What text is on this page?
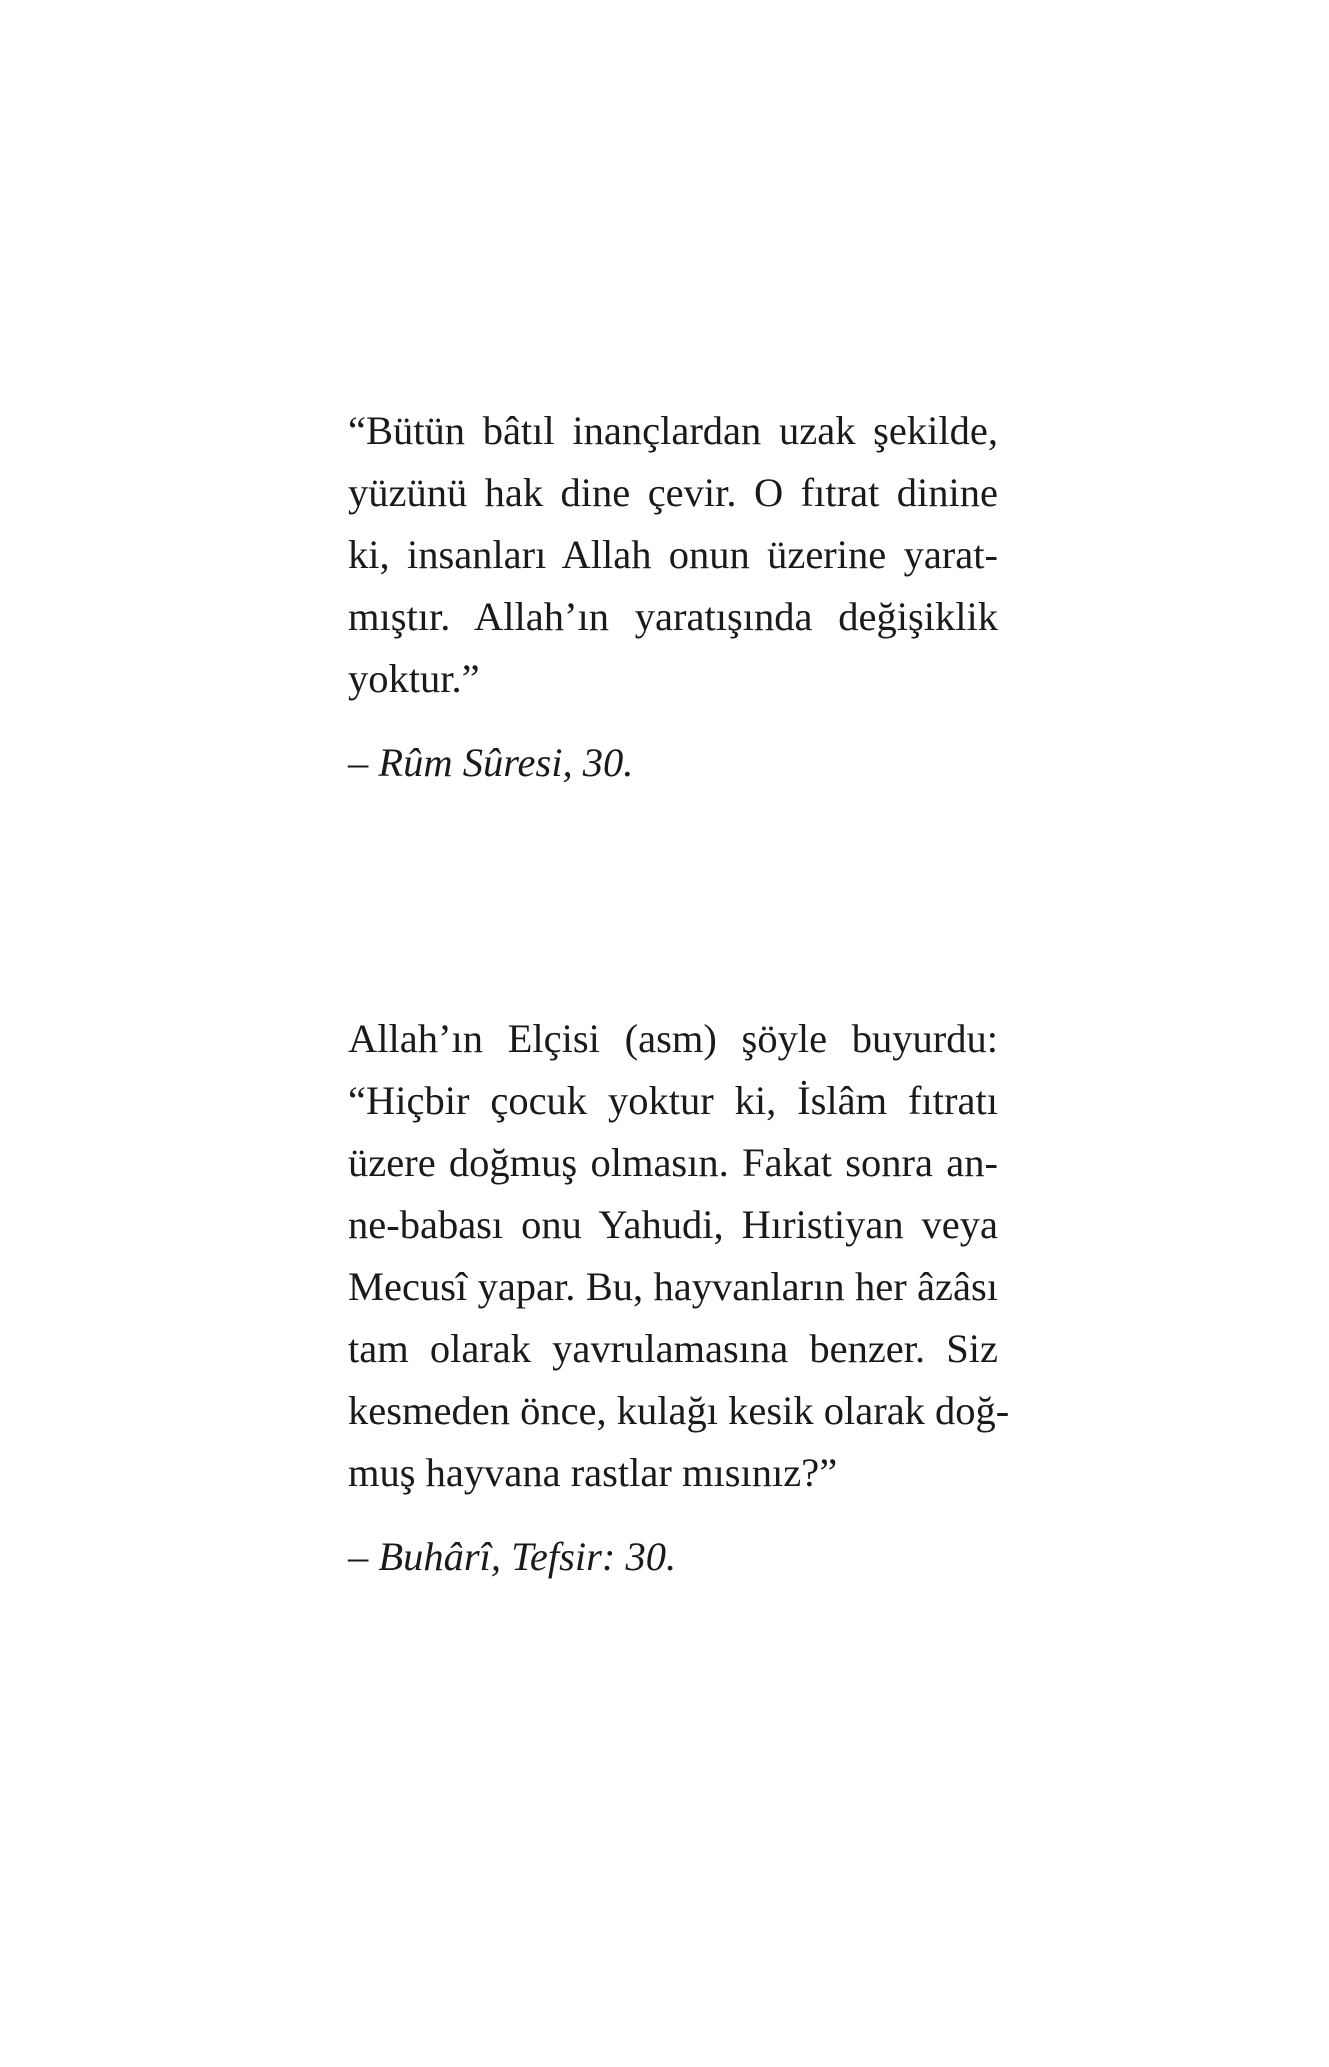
“Bütün bâtıl inançlardan uzak şekilde,
yüzünü hak dine çevir. O fıtrat dinine
ki, insanları Allah onun üzerine yarat-
mıştır. Allah’ın yaratışında değişiklik
yoktur.”
– Rûm Sûresi, 30.
Allah’ın Elçisi (asm) şöyle buyurdu:
“Hiçbir çocuk yoktur ki, İslâm fıtratı
üzere doğmuş olmasın. Fakat sonra an-
ne-babası onu Yahudi, Hıristiyan veya
Mecusî yapar. Bu, hayvanların her âzâsı
tam olarak yavrulamasına benzer. Siz
kesmeden önce, kulağı kesik olarak doğ-
muş hayvana rastlar mısınız?”
– Buhârî, Tefsir: 30.
